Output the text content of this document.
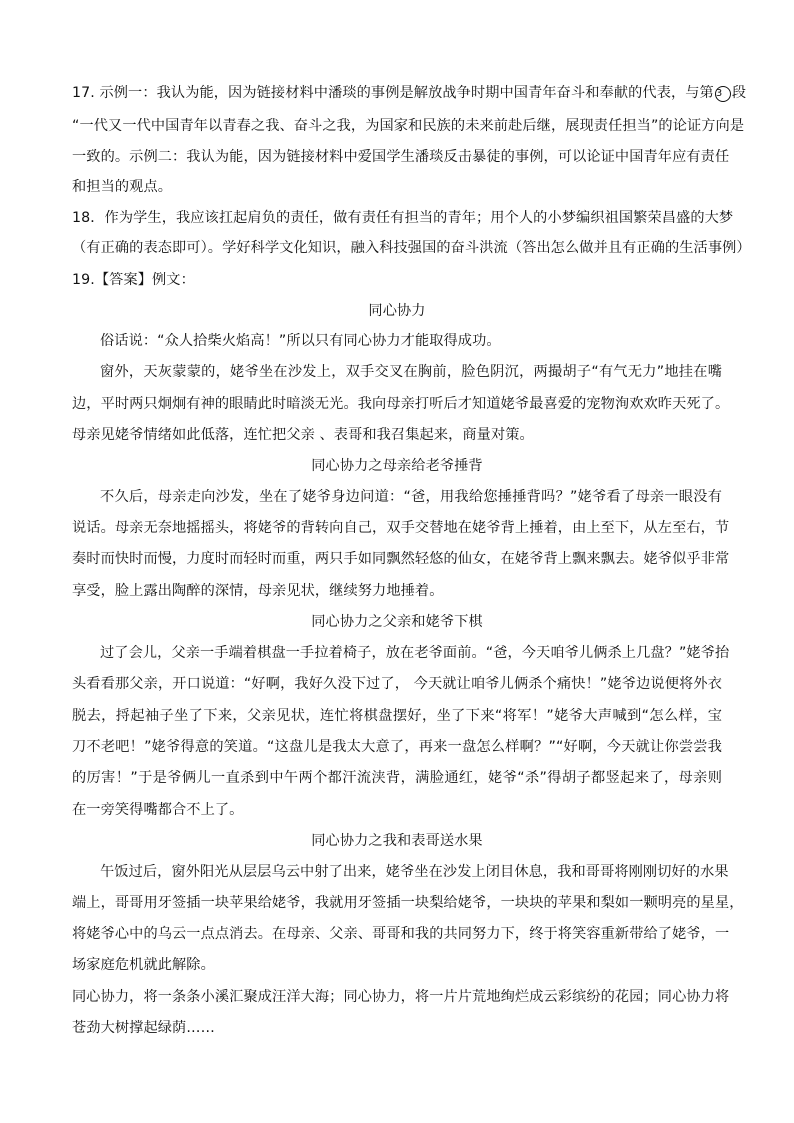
17. 示例一：我认为能，因为链接材料中潘琰的事例是解放战争时期中国青年奋斗和奉献的代表，与第 3 段
“一代又一代中国青年以青春之我、奋斗之我，为国家和民族的未来前赴后继，展现责任担当”的论证方向是
一致的。示例二：我认为能，因为链接材料中爱国学生潘琰反击暴徒的事例，可以论证中国青年应有责任
和担当的观点。
18．作为学生，我应该扛起肩负的责任，做有责任有担当的青年；用个人的小梦编织祖国繁荣昌盛的大梦
（有正确的表态即可）。学好科学文化知识，融入科技强国的奋斗洪流（答出怎么做并且有正确的生活事例）
19.【答案】例文：
同心协力
俗话说：“众人拾柴火焰高！”所以只有同心协力才能取得成功。
窗外，天灰蒙蒙的，姥爷坐在沙发上，双手交叉在胸前，脸色阴沉，两撮胡子“有气无力”地挂在嘴
边，平时两只炯炯有神的眼睛此时暗淡无光。我向母亲打听后才知道姥爷最喜爱的宠物洵欢欢昨天死了。
母亲见姥爷情绪如此低落，连忙把父亲 、表哥和我召集起来，商量对策。
同心协力之母亲给老爷捶背
不久后，母亲走向沙发，坐在了姥爷身边问道：“爸，用我给您捶捶背吗？”姥爷看了母亲一眼没有
说话。母亲无奈地摇摇头，将姥爷的背转向自己，双手交替地在姥爷背上捶着，由上至下，从左至右，节
奏时而快时而慢，力度时而轻时而重，两只手如同飘然轻悠的仙女，在姥爷背上飘来飘去。姥爷似乎非常
享受，脸上露出陶醉的深情，母亲见状，继续努力地捶着。
同心协力之父亲和姥爷下棋
过了会儿，父亲一手端着棋盘一手拉着椅子，放在老爷面前。“爸，今天咱爷儿俩杀上几盘？”姥爷抬
头看看那父亲，开口说道：“好啊，我好久没下过了， 今天就让咱爷儿俩杀个痛快！”姥爷边说便将外衣
脱去，捋起袖子坐了下来，父亲见状，连忙将棋盘摆好，坐了下来“将军！”姥爷大声喊到“怎么样，宝
刀不老吧！”姥爷得意的笑道。“这盘儿是我太大意了，再来一盘怎么样啊？”“好啊，今天就让你尝尝我
的厉害！”于是爷俩儿一直杀到中午两个都汗流浃背，满脸通红，姥爷“杀”得胡子都竖起来了，母亲则
在一旁笑得嘴都合不上了。
同心协力之我和表哥送水果
午饭过后，窗外阳光从层层乌云中射了出来，姥爷坐在沙发上闭目休息，我和哥哥将刚刚切好的水果
端上，哥哥用牙签插一块苹果给姥爷，我就用牙签插一块梨给姥爷，一块块的苹果和梨如一颗明亮的星星，
将姥爷心中的乌云一点点消去。在母亲、父亲、哥哥和我的共同努力下，终于将笑容重新带给了姥爷，一
场家庭危机就此解除。
同心协力，将一条条小溪汇聚成汪洋大海；同心协力，将一片片荒地绚烂成云彩缤纷的花园；同心协力将
苍劲大树撑起绿荫……
